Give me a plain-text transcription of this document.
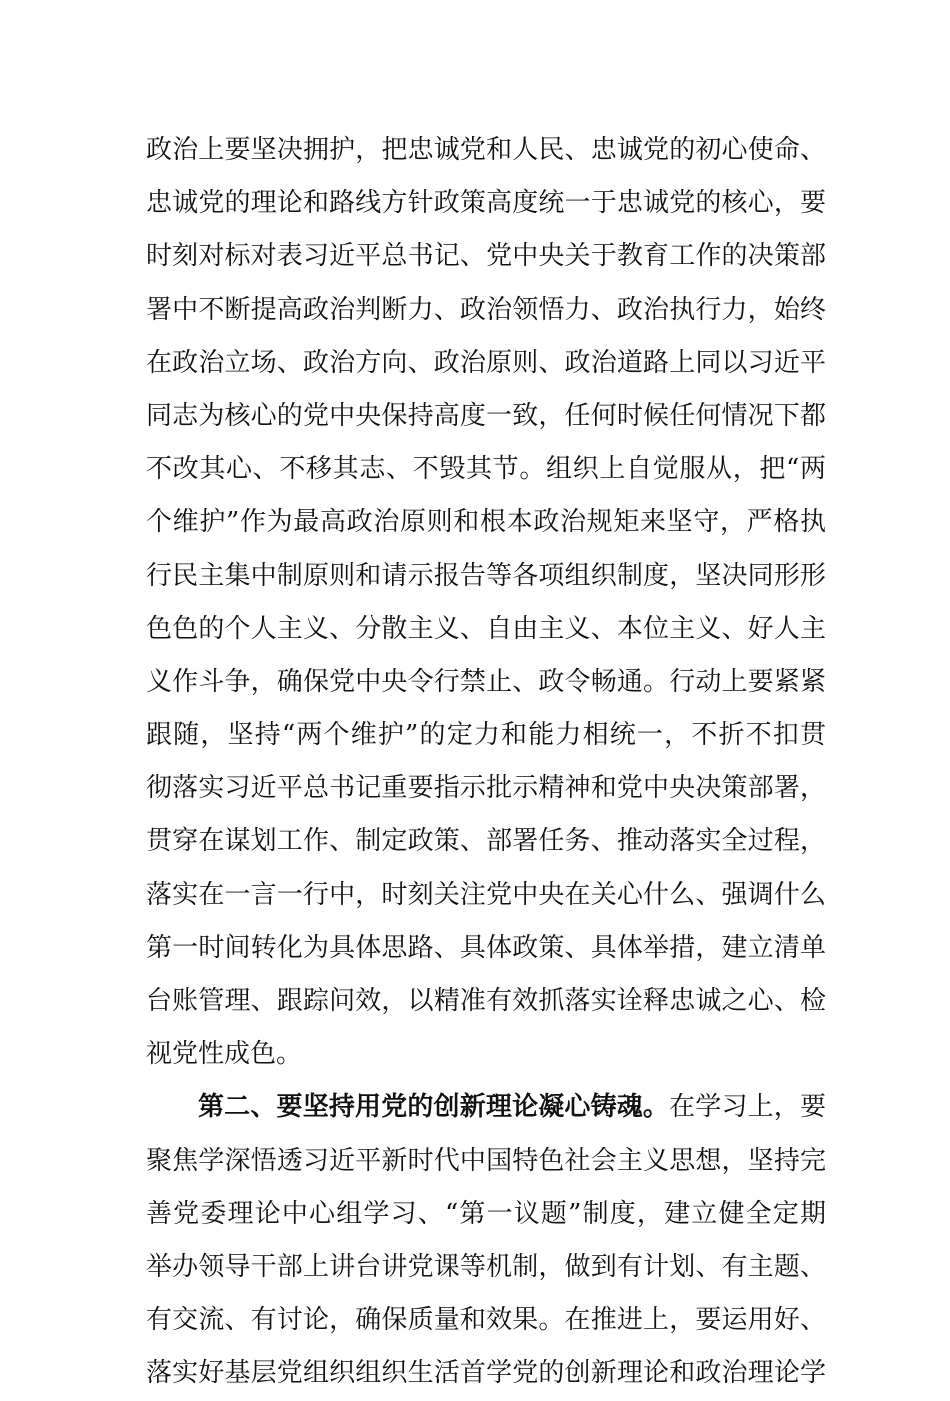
政治上要坚决拥护，把忠诚党和人民、忠诚党的初心使命、
忠诚党的理论和路线方针政策高度统一于忠诚党的核心，要
时刻对标对表习近平总书记、党中央关于教育工作的决策部
署中不断提高政治判断力、政治领悟力、政治执行力，始终
在政治立场、政治方向、政治原则、政治道路上同以习近平
同志为核心的党中央保持高度一致，任何时候任何情况下都
不改其心、不移其志、不毁其节。组织上自觉服从，把“两
个维护”作为最高政治原则和根本政治规矩来坚守，严格执
行民主集中制原则和请示报告等各项组织制度，坚决同形形
色色的个人主义、分散主义、自由主义、本位主义、好人主
义作斗争，确保党中央令行禁止、政令畅通。行动上要紧紧
跟随，坚持“两个维护”的定力和能力相统一，不折不扣贯
彻落实习近平总书记重要指示批示精神和党中央决策部署，
贯穿在谋划工作、制定政策、部署任务、推动落实全过程，
落实在一言一行中，时刻关注党中央在关心什么、强调什么
第一时间转化为具体思路、具体政策、具体举措，建立清单
台账管理、跟踪问效，以精准有效抓落实诠释忠诚之心、检
视党性成色。
第二、要坚持用党的创新理论凝心铸魂。在学习上，要
聚焦学深悟透习近平新时代中国特色社会主义思想，坚持完
善党委理论中心组学习、“第一议题”制度，建立健全定期
举办领导干部上讲台讲党课等机制，做到有计划、有主题、
有交流、有讨论，确保质量和效果。在推进上，要运用好、
落实好基层党组织组织生活首学党的创新理论和政治理论学
